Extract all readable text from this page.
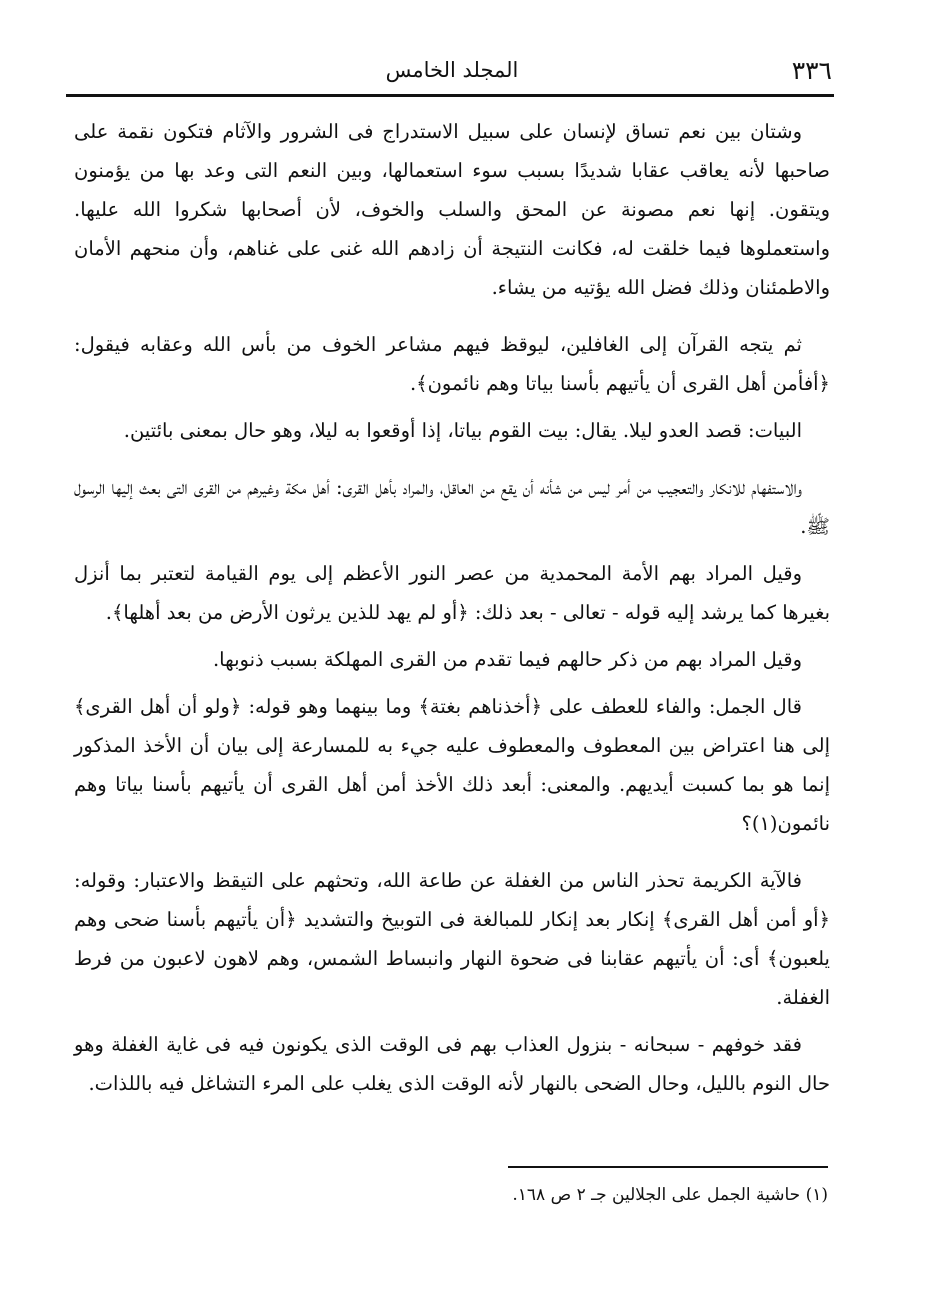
٣٣٦
المجلد الخامس

وشتان بين نعم تساق لإنسان على سبيل الاستدراج فى الشرور والآثام فتكون نقمة على صاحبها لأنه يعاقب عقابا شديدًا بسبب سوء استعمالها، وبين النعم التى وعد بها من يؤمنون ويتقون. إنها نعم مصونة عن المحق والسلب والخوف، لأن أصحابها شكروا الله عليها. واستعملوها فيما خلقت له، فكانت النتيجة أن زادهم الله غنى على غناهم، وأن منحهم الأمان والاطمئنان وذلك فضل الله يؤتيه من يشاء.

ثم يتجه القرآن إلى الغافلين، ليوقظ فيهم مشاعر الخوف من بأس الله وعقابه فيقول: ﴿أفأمن أهل القرى أن يأتيهم بأسنا بياتا وهم نائمون﴾.

البيات: قصد العدو ليلا. يقال: بيت القوم بياتا، إذا أوقعوا به ليلا، وهو حال بمعنى بائتين.

والاستفهام للانكار والتعجيب من أمر ليس من شأنه أن يقع من العاقل، والمراد بأهل القرى: أهل مكة وغيرهم من القرى التى بعث إليها الرسول ﷺ.

وقيل المراد بهم الأمة المحمدية من عصر النور الأعظم إلى يوم القيامة لتعتبر بما أنزل بغيرها كما يرشد إليه قوله - تعالى - بعد ذلك: ﴿أو لم يهد للذين يرثون الأرض من بعد أهلها﴾.

وقيل المراد بهم من ذكر حالهم فيما تقدم من القرى المهلكة بسبب ذنوبها.

قال الجمل: والفاء للعطف على ﴿أخذناهم بغتة﴾ وما بينهما وهو قوله: ﴿ولو أن أهل القرى﴾ إلى هنا اعتراض بين المعطوف والمعطوف عليه جيء به للمسارعة إلى بيان أن الأخذ المذكور إنما هو بما كسبت أيديهم. والمعنى: أبعد ذلك الأخذ أمن أهل القرى أن يأتيهم بأسنا بياتا وهم نائمون(١)؟

فالآية الكريمة تحذر الناس من الغفلة عن طاعة الله، وتحثهم على التيقظ والاعتبار: وقوله: ﴿أو أمن أهل القرى﴾ إنكار بعد إنكار للمبالغة فى التوبيخ والتشديد ﴿أن يأتيهم بأسنا ضحى وهم يلعبون﴾ أى: أن يأتيهم عقابنا فى ضحوة النهار وانبساط الشمس، وهم لاهون لاعبون من فرط الغفلة.

فقد خوفهم - سبحانه - بنزول العذاب بهم فى الوقت الذى يكونون فيه فى غاية الغفلة وهو حال النوم بالليل، وحال الضحى بالنهار لأنه الوقت الذى يغلب على المرء التشاغل فيه باللذات.

(١) حاشية الجمل على الجلالين جـ ٢ ص ١٦٨.
